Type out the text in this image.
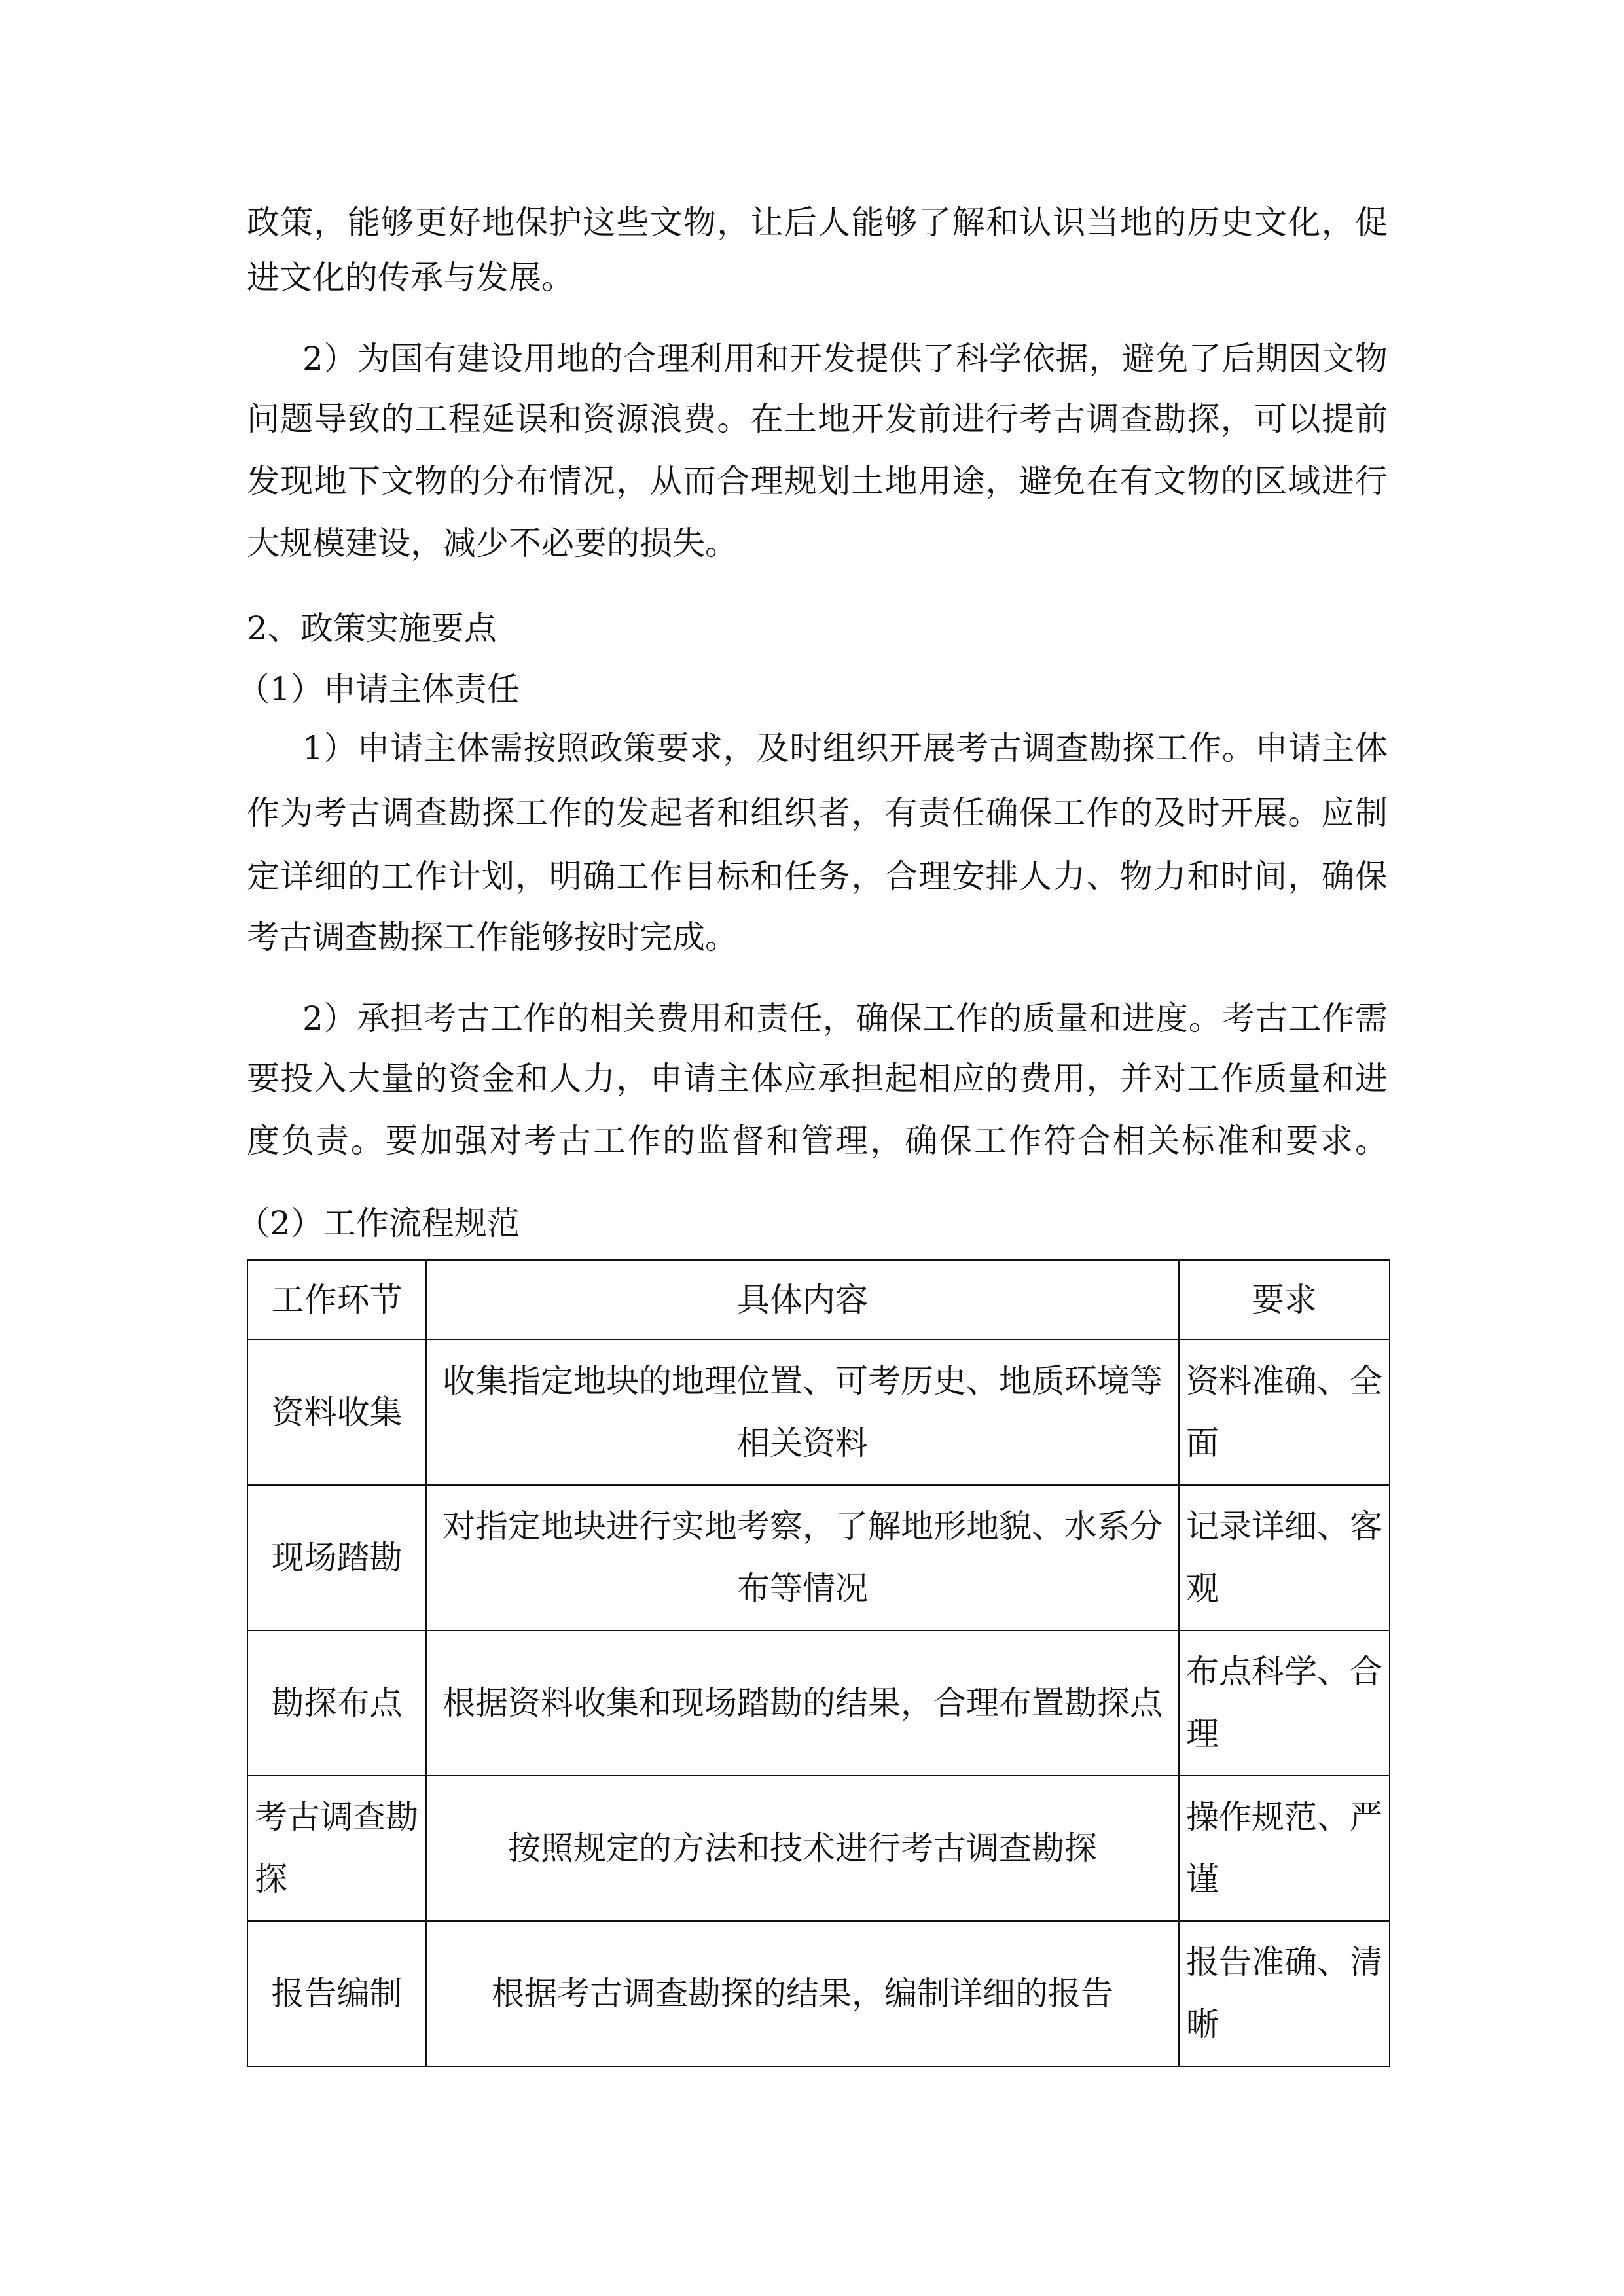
政策，能够更好地保护这些文物，让后人能够了解和认识当地的历史文化，促
进文化的传承与发展。
2）为国有建设用地的合理利用和开发提供了科学依据，避免了后期因文物
问题导致的工程延误和资源浪费。在土地开发前进行考古调查勘探，可以提前
发现地下文物的分布情况，从而合理规划土地用途，避免在有文物的区域进行
大规模建设，减少不必要的损失。
2、政策实施要点
（1）申请主体责任
1）申请主体需按照政策要求，及时组织开展考古调查勘探工作。申请主体
作为考古调查勘探工作的发起者和组织者，有责任确保工作的及时开展。应制
定详细的工作计划，明确工作目标和任务，合理安排人力、物力和时间，确保
考古调查勘探工作能够按时完成。
2）承担考古工作的相关费用和责任，确保工作的质量和进度。考古工作需
要投入大量的资金和人力，申请主体应承担起相应的费用，并对工作质量和进
度负责。要加强对考古工作的监督和管理，确保工作符合相关标准和要求。
（2）工作流程规范
工作环节	具体内容	要求
资料收集	收集指定地块的地理位置、可考历史、地质环境等相关资料	资料准确、全面
现场踏勘	对指定地块进行实地考察，了解地形地貌、水系分布等情况	记录详细、客观
勘探布点	根据资料收集和现场踏勘的结果，合理布置勘探点	布点科学、合理
考古调查勘探	按照规定的方法和技术进行考古调查勘探	操作规范、严谨
报告编制	根据考古调查勘探的结果，编制详细的报告	报告准确、清晰
